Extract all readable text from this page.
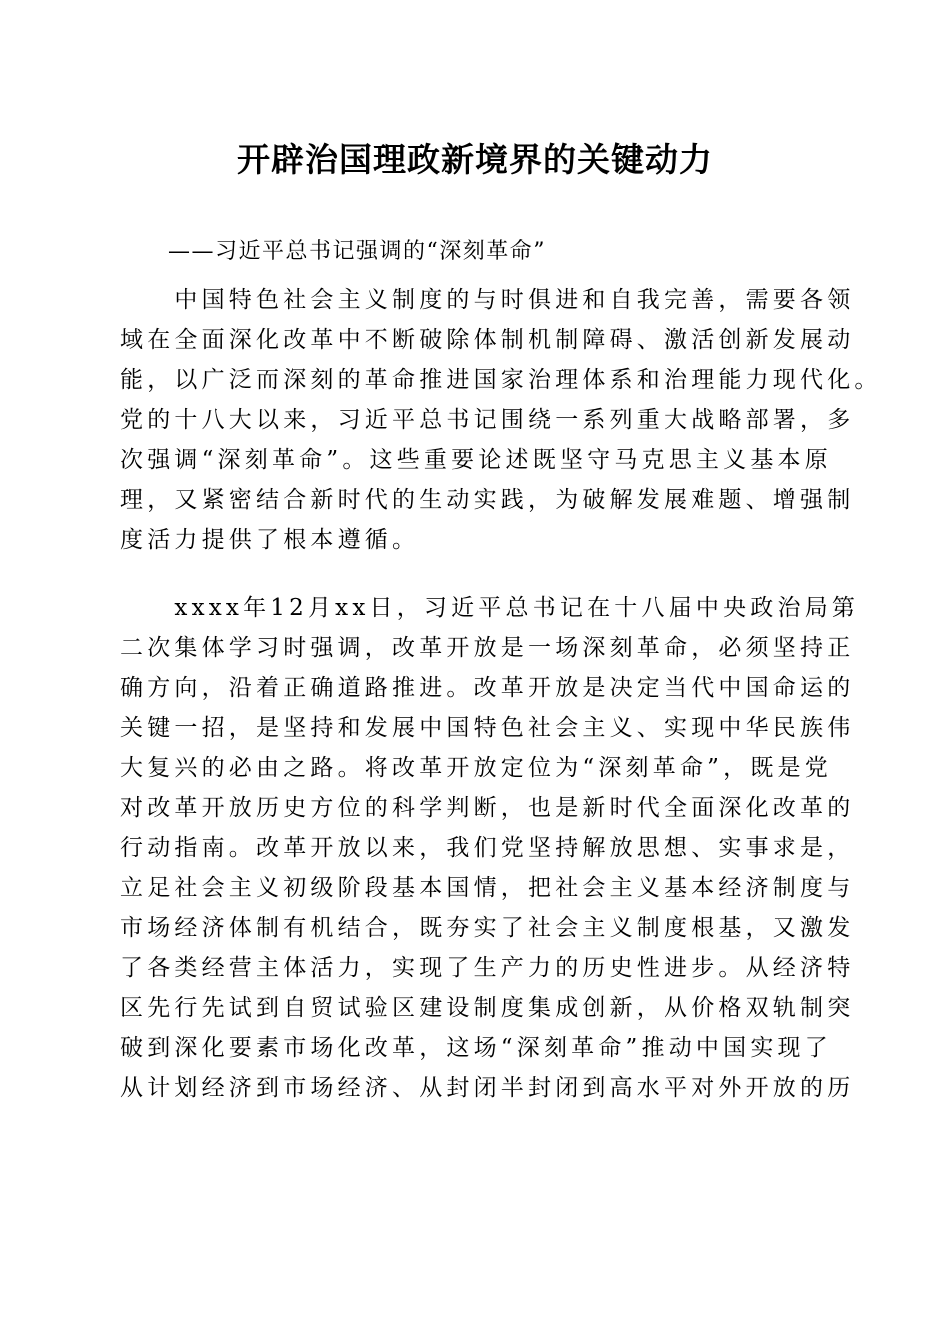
开辟治国理政新境界的关键动力
——习近平总书记强调的“深刻革命”
　　中国特色社会主义制度的与时俱进和自我完善，需要各领
域在全面深化改革中不断破除体制机制障碍、激活创新发展动
能，以广泛而深刻的革命推进国家治理体系和治理能力现代化。
党的十八大以来，习近平总书记围绕一系列重大战略部署，多
次强调“深刻革命”。这些重要论述既坚守马克思主义基本原
理，又紧密结合新时代的生动实践，为破解发展难题、增强制
度活力提供了根本遵循。
　　xxxx年12月xx日，习近平总书记在十八届中央政治局第
二次集体学习时强调，改革开放是一场深刻革命，必须坚持正
确方向，沿着正确道路推进。改革开放是决定当代中国命运的
关键一招，是坚持和发展中国特色社会主义、实现中华民族伟
大复兴的必由之路。将改革开放定位为“深刻革命”，既是党
对改革开放历史方位的科学判断，也是新时代全面深化改革的
行动指南。改革开放以来，我们党坚持解放思想、实事求是，
立足社会主义初级阶段基本国情，把社会主义基本经济制度与
市场经济体制有机结合，既夯实了社会主义制度根基，又激发
了各类经营主体活力，实现了生产力的历史性进步。从经济特
区先行先试到自贸试验区建设制度集成创新，从价格双轨制突
破到深化要素市场化改革，这场“深刻革命”推动中国实现了
从计划经济到市场经济、从封闭半封闭到高水平对外开放的历
